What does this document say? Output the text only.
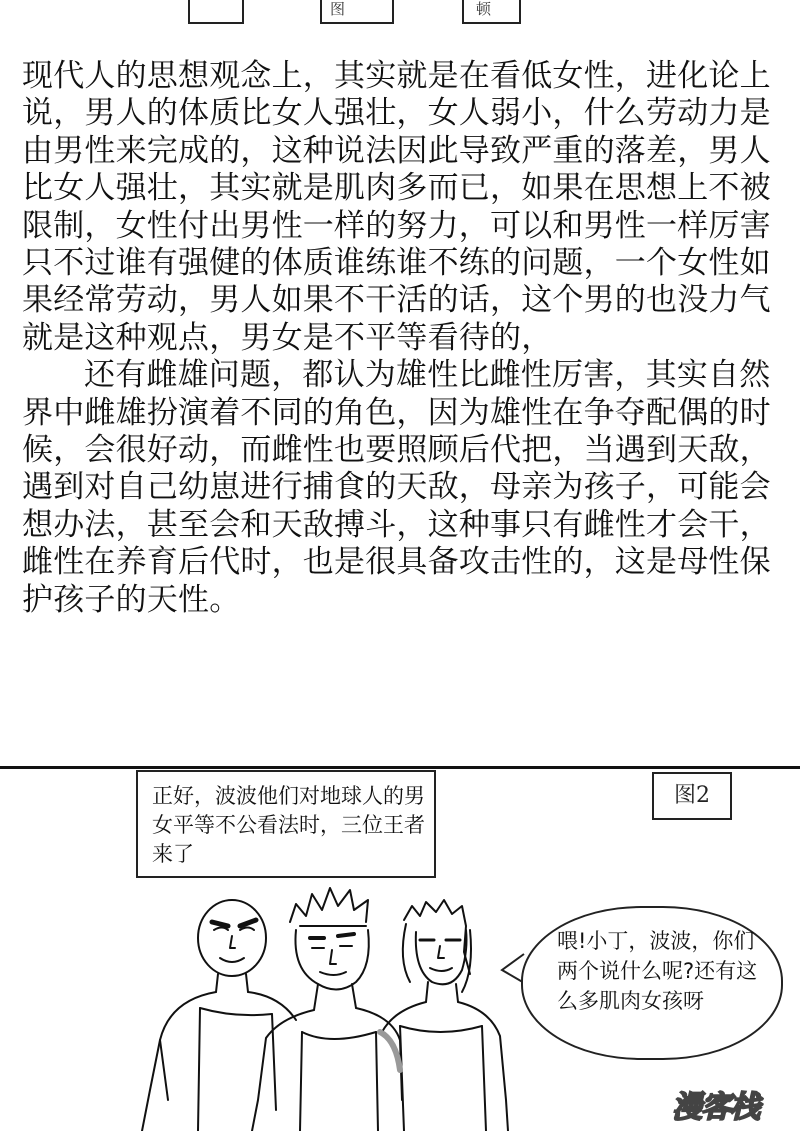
图	顿

现代人的思想观念上，其实就是在看低女性，进化论上说，男人的体质比女人强壮，女人弱小，什么劳动力是由男性来完成的，这种说法因此导致严重的落差，男人比女人强壮，其实就是肌肉多而已，如果在思想上不被限制，女性付出男性一样的努力，可以和男性一样厉害只不过谁有强健的体质谁练谁不练的问题，一个女性如果经常劳动，男人如果不干活的话，这个男的也没力气就是这种观点，男女是不平等看待的，

还有雌雄问题，都认为雄性比雌性厉害，其实自然界中雌雄扮演着不同的角色，因为雄性在争夺配偶的时候，会很好动，而雌性也要照顾后代把，当遇到天敌，遇到对自己幼崽进行捕食的天敌，母亲为孩子，可能会想办法，甚至会和天敌搏斗，这种事只有雌性才会干，雌性在养育后代时，也是很具备攻击性的，这是母性保护孩子的天性。

正好，波波他们对地球人的男女平等不公看法时，三位王者来了
图2
喂!小丁，波波，你们两个说什么呢?还有这么多肌肉女孩呀
漫客栈
